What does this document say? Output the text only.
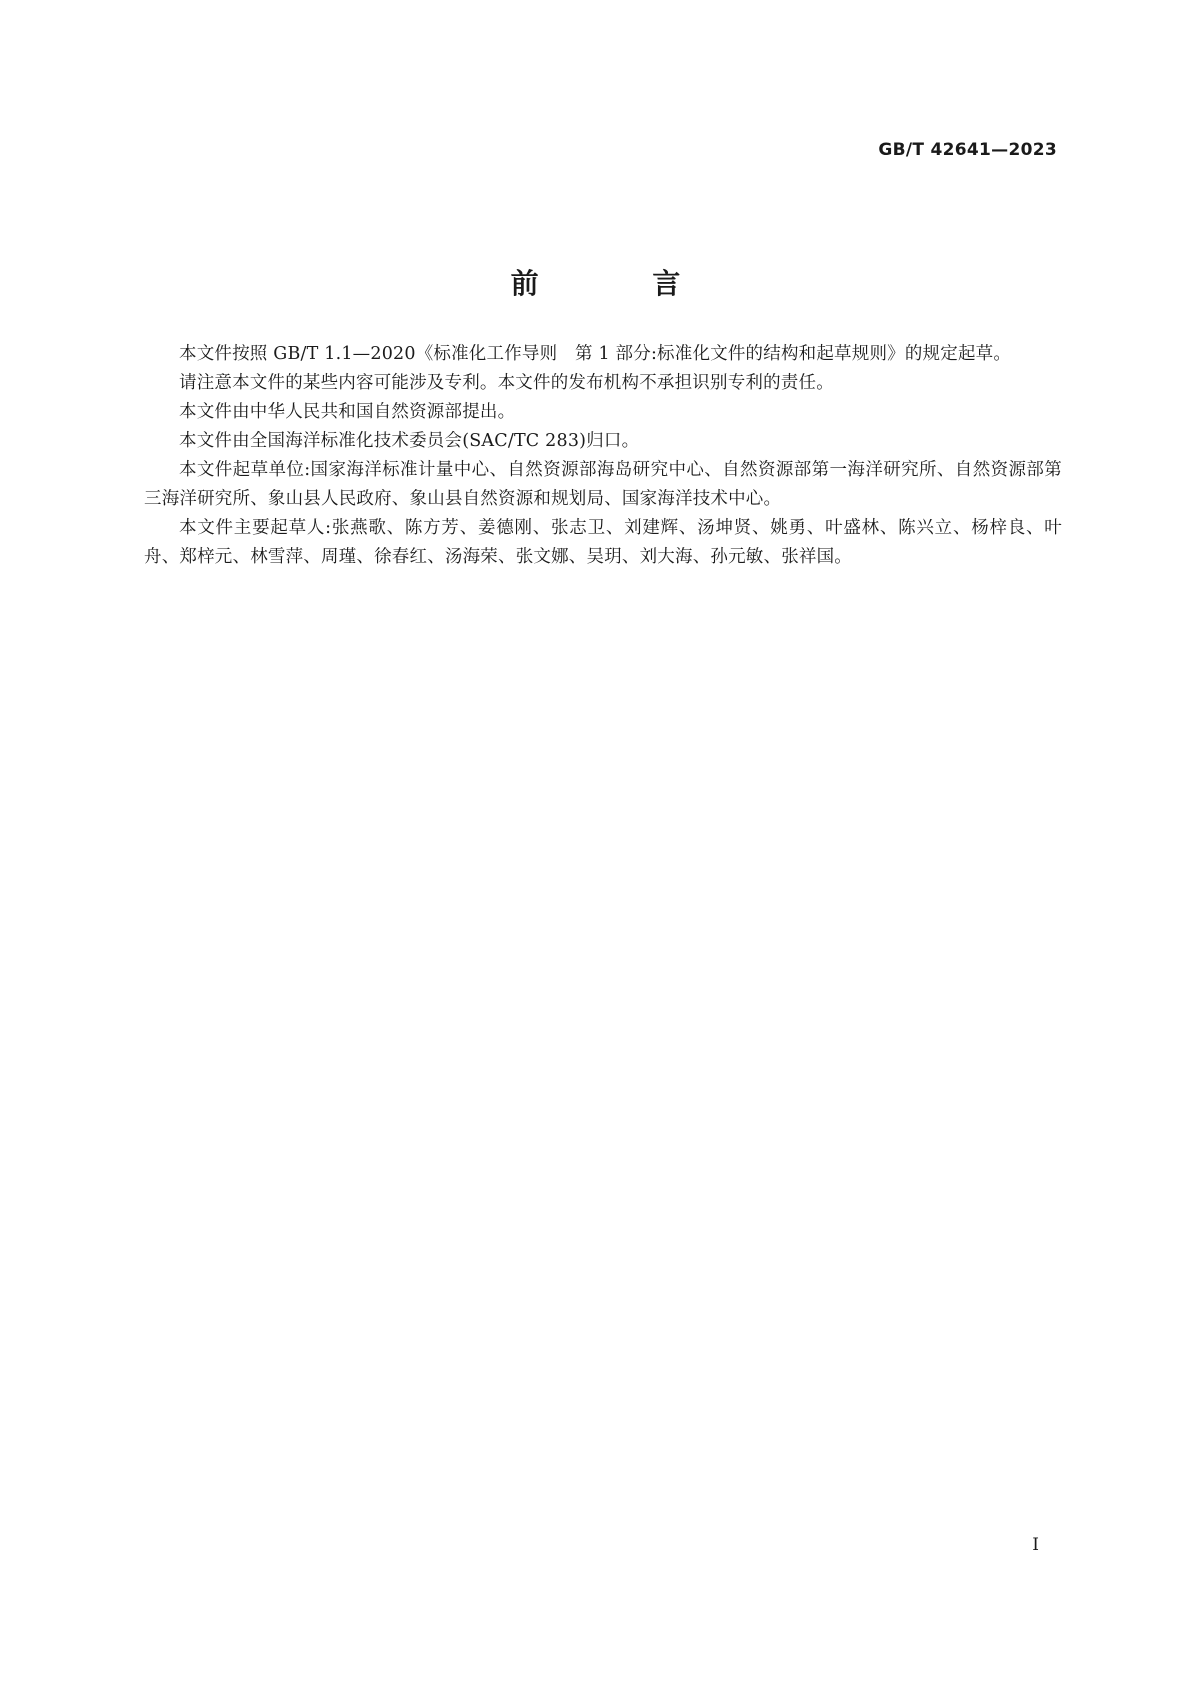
GB/T 42641—2023
前 言

本文件按照 GB/T 1.1—2020《标准化工作导则　第 1 部分:标准化文件的结构和起草规则》的规定起草。

请注意本文件的某些内容可能涉及专利。本文件的发布机构不承担识别专利的责任。

本文件由中华人民共和国自然资源部提出。

本文件由全国海洋标准化技术委员会(SAC/TC 283)归口。

本文件起草单位:国家海洋标准计量中心、自然资源部海岛研究中心、自然资源部第一海洋研究所、自然资源部第三海洋研究所、象山县人民政府、象山县自然资源和规划局、国家海洋技术中心。

本文件主要起草人:张燕歌、陈方芳、姜德刚、张志卫、刘建辉、汤坤贤、姚勇、叶盛林、陈兴立、杨梓良、叶舟、郑梓元、林雪萍、周瑾、徐春红、汤海荣、张文娜、吴玥、刘大海、孙元敏、张祥国。

I
